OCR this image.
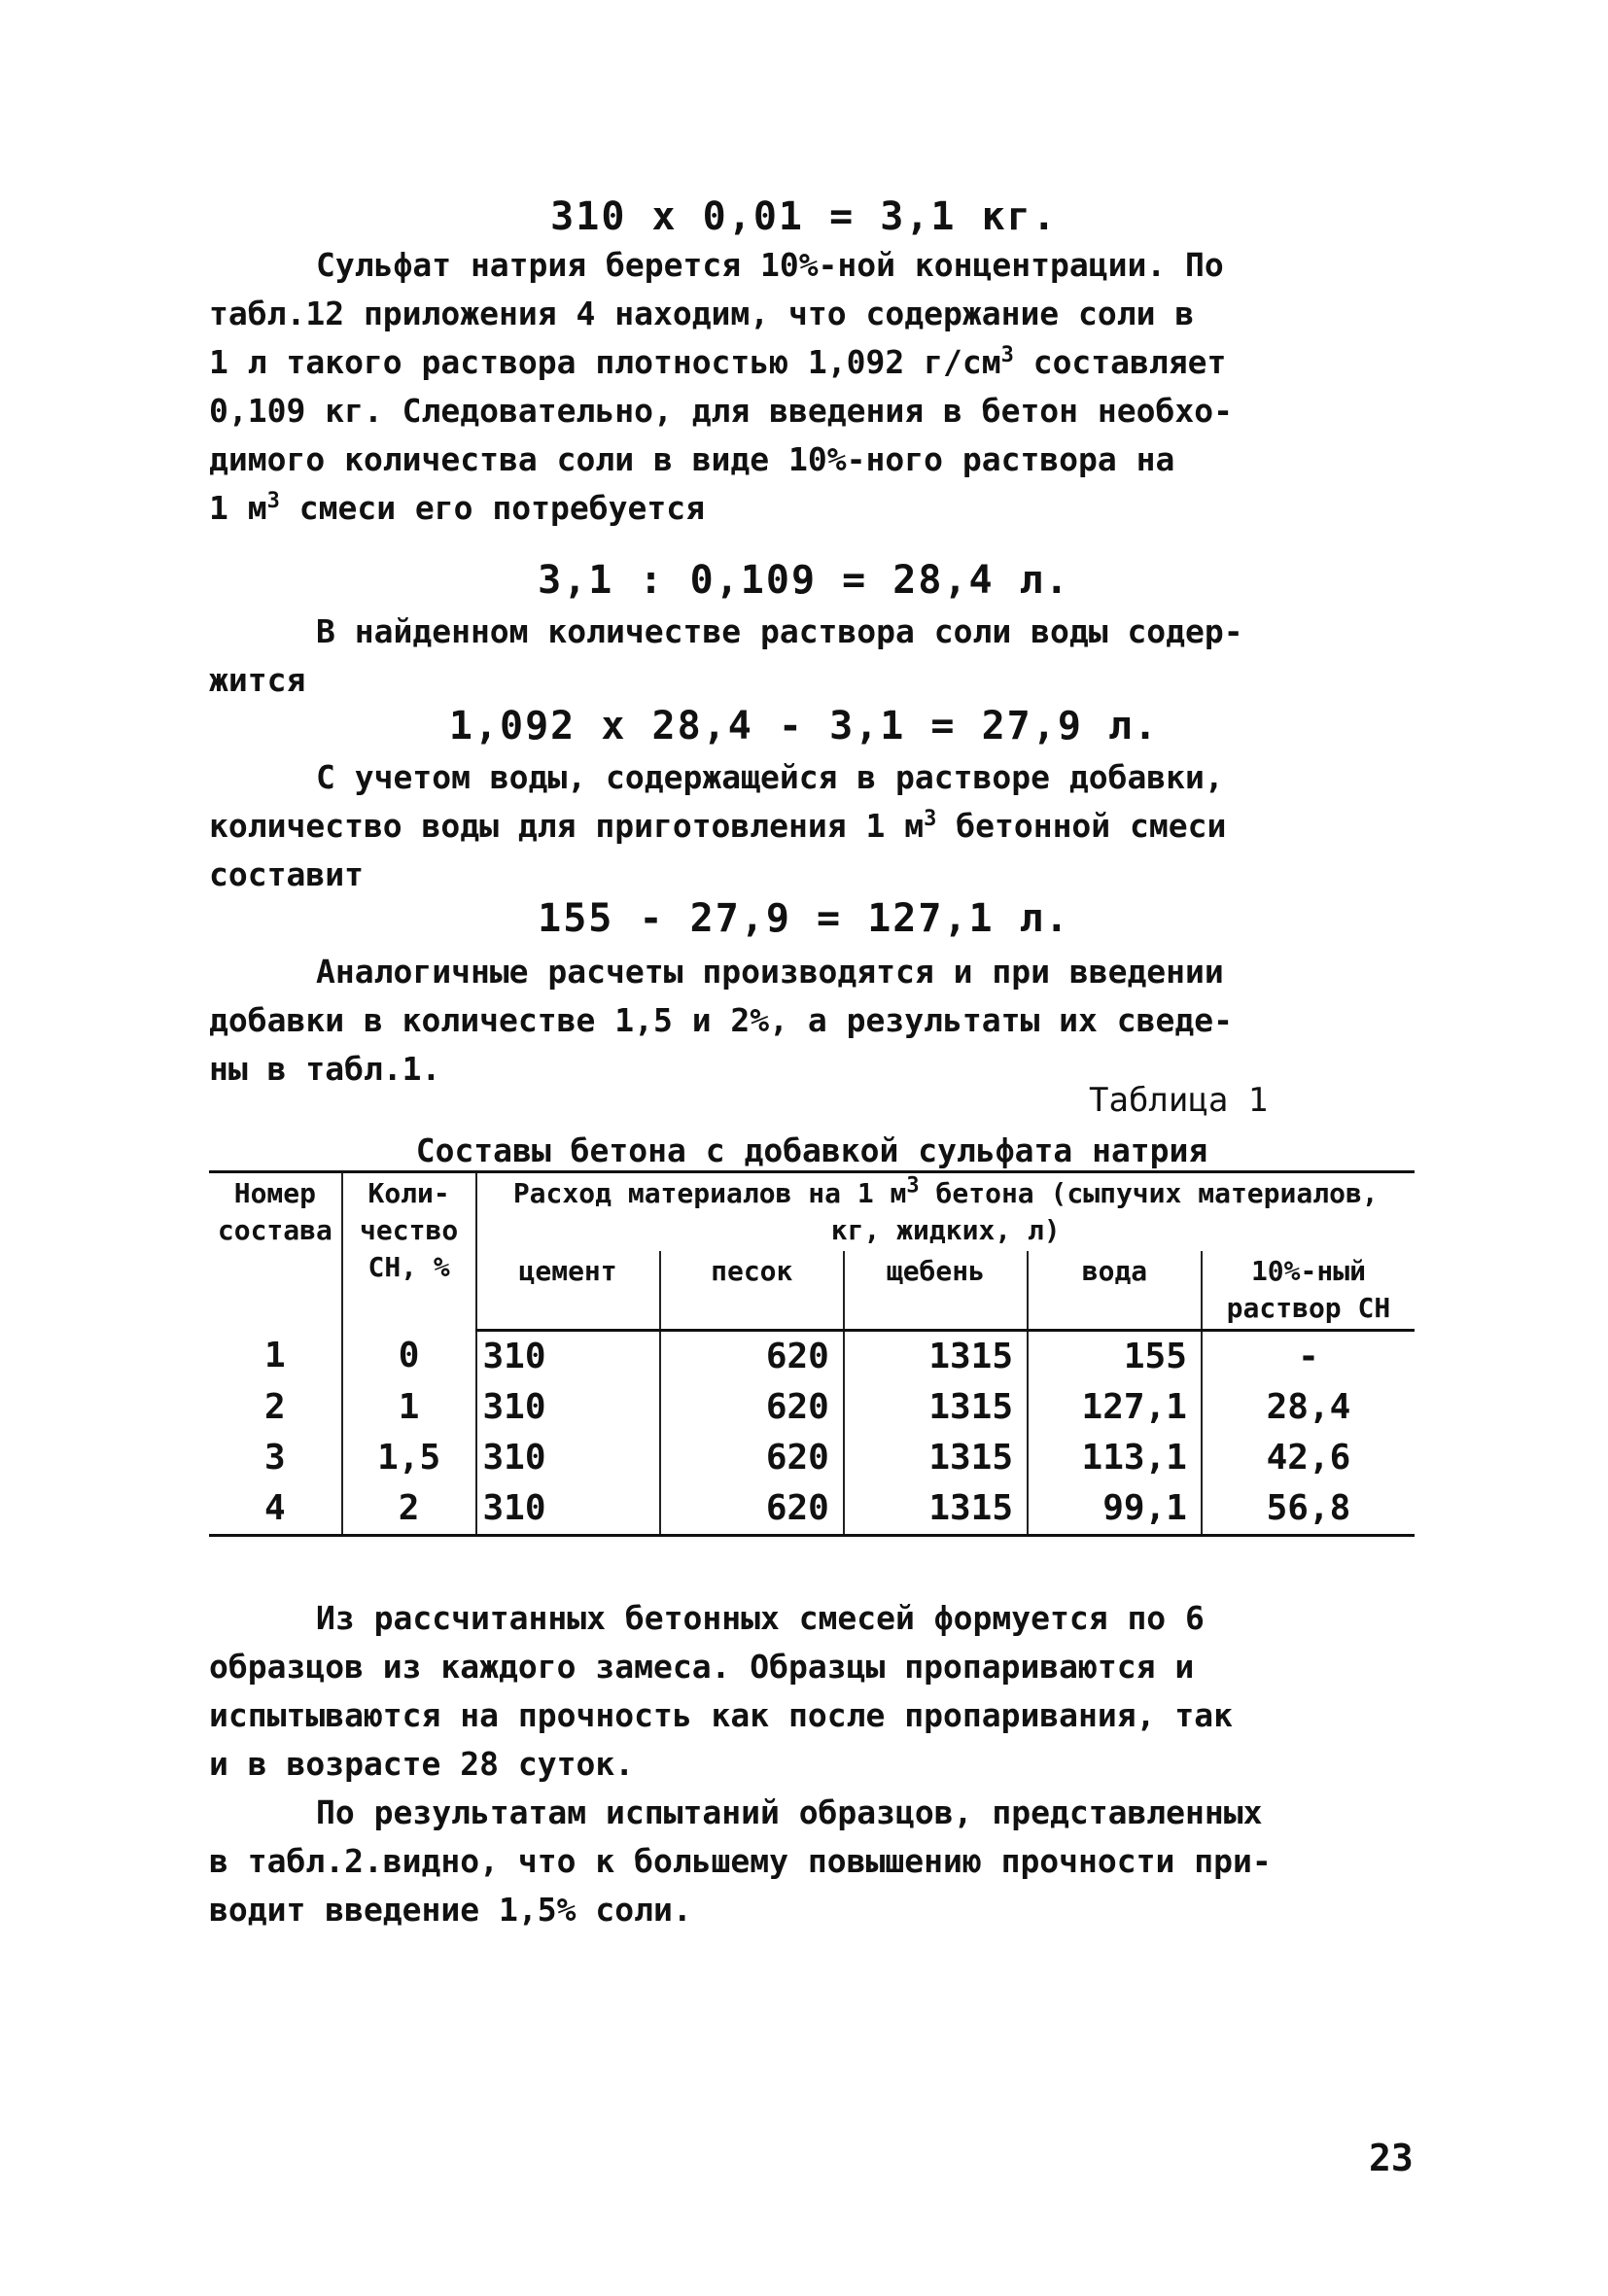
310 x 0,01 = 3,1 кг.

Сульфат натрия берется 10%-ной концентрации. По

табл.12 приложения 4 находим, что содержание соли в

1 л такого раствора плотностью 1,092 $г/см^3$ составляет

0,109 кг. Следовательно, для введения в бетон необхо-

димого количества соли в виде 10%-ного раствора на

1 $м^3$ смеси его потребуется

3,1 : 0,109 = 28,4 л.

В найденном количестве раствора соли воды содер-

жится

1,092 х 28,4 - 3,1 = 27,9 л.

С учетом воды, содержащейся в растворе добавки,

количество воды для приготовления 1 $м^3$ бетонной смеси

составит

155 - 27,9 = 127,1 л.

Аналогичные расчеты производятся и при введении

добавки в количестве 1,5 и 2%, а результаты их сведе-

ны в табл.1.

Таблица 1
Составы бетона с добавкой сульфата натрия
Номер состава	Коли-чество СН, %	Расход материалов на 1 $м^3$ бетона (сыпучих материалов, кг, жидких, л)				
		цемент	песок	щебень	вода	10%-ный раствор СН
1	0	310	620	1315	155	-
2	1	310	620	1315	127,1	28,4
3	1,5	310	620	1315	113,1	42,6
4	2	310	620	1315	99,1	56,8

Из рассчитанных бетонных смесей формуется по 6

образцов из каждого замеса. Образцы пропариваются и

испытываются на прочность как после пропаривания, так

и в возрасте 28 суток.

По результатам испытаний образцов, представленных

в табл.2.видно, что к большему повышению прочности при-

водит введение 1,5% соли.

23
